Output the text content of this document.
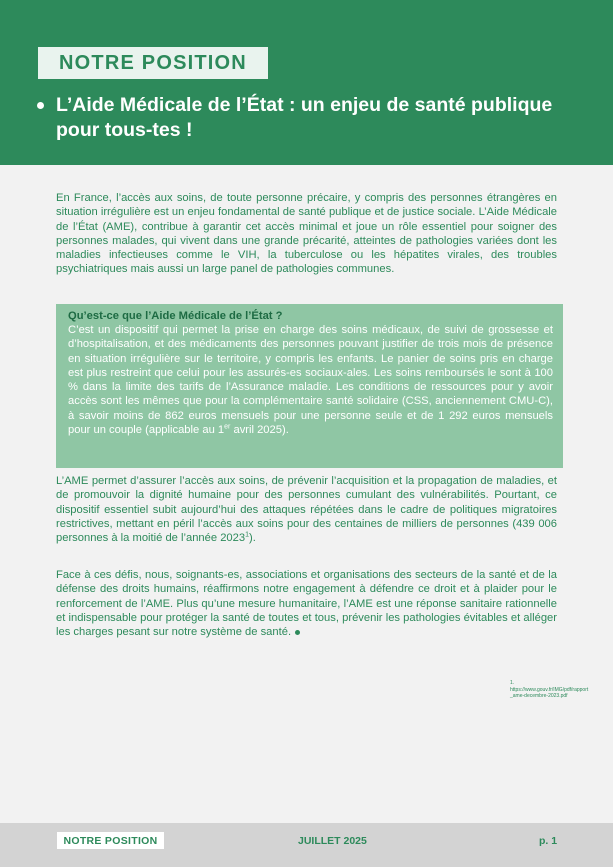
NOTRE POSITION
L’Aide Médicale de l’État : un enjeu de santé publique pour tous-tes !

En France, l’accès aux soins, de toute personne précaire, y compris des personnes étrangères en situation irrégulière est un enjeu fondamental de santé publique et de justice sociale. L’Aide Médicale de l’État (AME), contribue à garantir cet accès minimal et joue un rôle essentiel pour soigner des personnes malades, qui vivent dans une grande précarité, atteintes de pathologies variées dont les maladies infectieuses comme le VIH, la tuberculose ou les hépatites virales, des troubles psychiatriques mais aussi un large panel de pathologies communes.

Qu’est-ce que l’Aide Médicale de l’État ?

C’est un dispositif qui permet la prise en charge des soins médicaux, de suivi de grossesse et d’hospitalisation, et des médicaments des personnes pouvant justifier de trois mois de présence en situation irrégulière sur le territoire, y compris les enfants. Le panier de soins pris en charge est plus restreint que celui pour les assurés-es sociaux-ales. Les soins remboursés le sont à 100 % dans la limite des tarifs de l’Assurance maladie. Les conditions de ressources pour y avoir accès sont les mêmes que pour la complémentaire santé solidaire (CSS, anciennement CMU-C), à savoir moins de 862 euros mensuels pour une personne seule et de 1 292 euros mensuels pour un couple (applicable au 1er avril 2025).

L’AME permet d’assurer l’accès aux soins, de prévenir l’acquisition et la propagation de maladies, et de promouvoir la dignité humaine pour des personnes cumulant des vulnérabilités. Pourtant, ce dispositif essentiel subit aujourd’hui des attaques répétées dans le cadre de politiques migratoires restrictives, mettant en péril l’accès aux soins pour des centaines de milliers de personnes (439 006 personnes à la moitié de l’année 2023$^1$).

Face à ces défis, nous, soignants-es, associations et organisations des secteurs de la santé et de la défense des droits humains, réaffirmons notre engagement à défendre ce droit et à plaider pour le renforcement de l’AME. Plus qu’une mesure humanitaire, l’AME est une réponse sanitaire rationnelle et indispensable pour protéger la santé de toutes et tous, prévenir les pathologies évitables et alléger les charges pesant sur notre système de santé.

1.
https://www.gouv.fr/IMG/pdf/rapport_ame-decembre-2023.pdf
NOTRE POSITION	JUILLET 2025	p. 1
